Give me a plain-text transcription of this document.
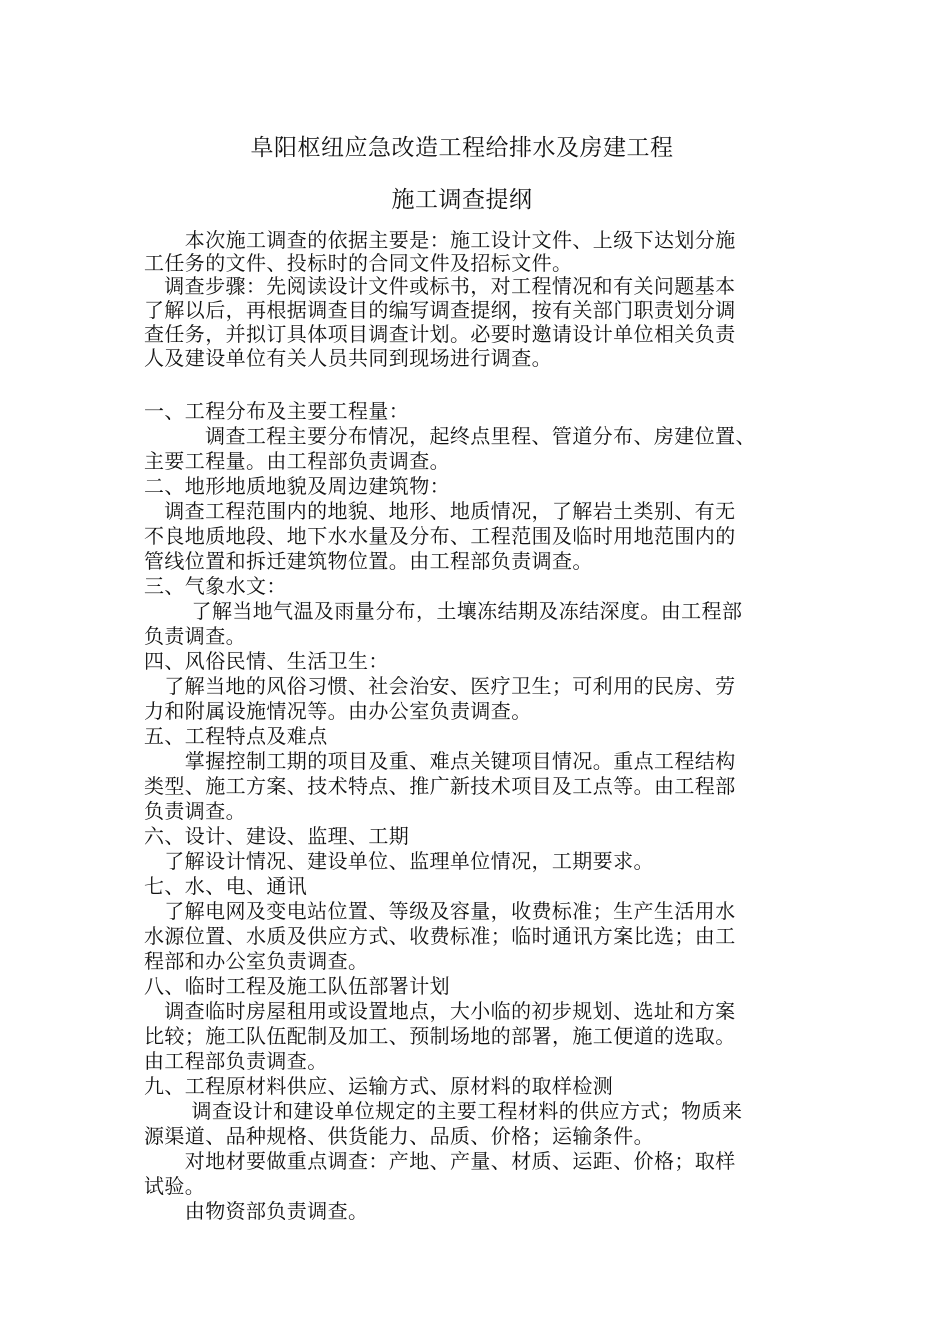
阜阳枢纽应急改造工程给排水及房建工程
施工调查提纲
　　本次施工调查的依据主要是：施工设计文件、上级下达划分施
工任务的文件、投标时的合同文件及招标文件。
调查步骤：先阅读设计文件或标书，对工程情况和有关问题基本
了解以后，再根据调查目的编写调查提纲，按有关部门职责划分调
查任务，并拟订具体项目调查计划。必要时邀请设计单位相关负责
人及建设单位有关人员共同到现场进行调查。
一、工程分布及主要工程量：
　　   调查工程主要分布情况，起终点里程、管道分布、房建位置、
主要工程量。由工程部负责调查。
二、地形地质地貌及周边建筑物：
调查工程范围内的地貌、地形、地质情况，了解岩土类别、有无
不良地质地段、地下水水量及分布、工程范围及临时用地范围内的
管线位置和拆迁建筑物位置。由工程部负责调查。
三、气象水文：
　　 了解当地气温及雨量分布，土壤冻结期及冻结深度。由工程部
负责调查。
四、风俗民情、生活卫生：
了解当地的风俗习惯、社会治安、医疗卫生；可利用的民房、劳
力和附属设施情况等。由办公室负责调查。
五、工程特点及难点
　　掌握控制工期的项目及重、难点关键项目情况。重点工程结构
类型、施工方案、技术特点、推广新技术项目及工点等。由工程部
负责调查。
六、设计、建设、监理、工期
了解设计情况、建设单位、监理单位情况，工期要求。
七、水、电、通讯
了解电网及变电站位置、等级及容量，收费标准；生产生活用水
水源位置、水质及供应方式、收费标准；临时通讯方案比选；由工
程部和办公室负责调查。
八、临时工程及施工队伍部署计划
调查临时房屋租用或设置地点，大小临的初步规划、选址和方案
比较；施工队伍配制及加工、预制场地的部署，施工便道的选取。
由工程部负责调查。
九、工程原材料供应、运输方式、原材料的取样检测
　　 调查设计和建设单位规定的主要工程材料的供应方式；物质来
源渠道、品种规格、供货能力、品质、价格；运输条件。
　　对地材要做重点调查：产地、产量、材质、运距、价格；取样
试验。
　　由物资部负责调查。
